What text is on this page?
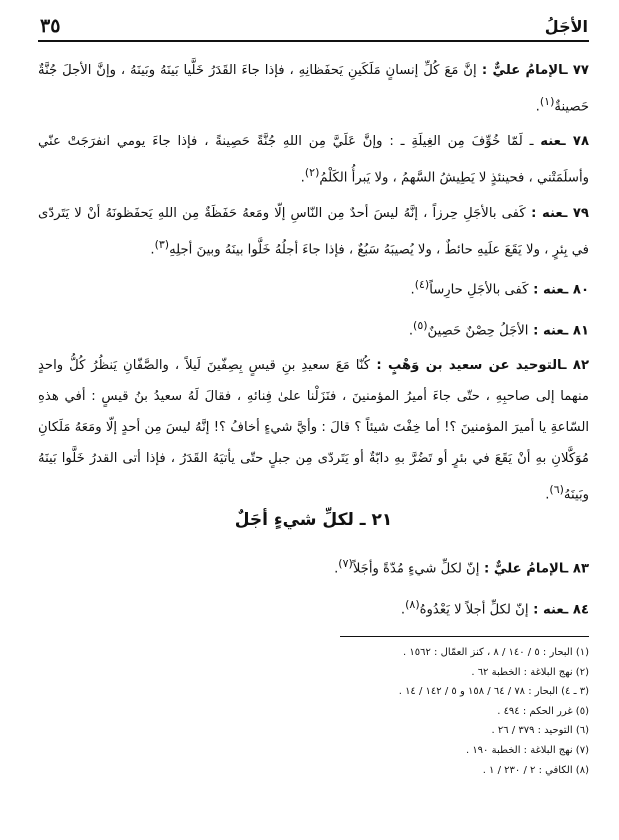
٣٥	الأجَلُ

٧٧ ـالإمامُ عليٌّ : إنَّ مَعَ كُلِّ إنسانٍ مَلَكَينِ يَحفَظانِهِ ، فإذا جاءَ القَدَرُ خَلَّيا بَينَهُ وبَينَهُ ، وإنَّ الأجلَ جُنَّةٌ حَصينةٌ$^{(١)}$.

٧٨ ـعنه ـ لَمّا خُوِّفَ مِن الغِيلَةِ ـ : وإنَّ عَلَيَّ مِن اللهِ جُنَّةً حَصِينةً ، فإذا جاءَ يومي انفرَجَتْ عنّي وأسلَمَتْني ، فحينئذٍ لا يَطِيشُ السَّهمُ ، ولا يَبرأُ الكَلْمُ$^{(٢)}$.

٧٩ ـعنه : كَفى بالأجَلِ حِرزاً ، إنَّهُ ليسَ أحدٌ مِن النّاسِ إلّا ومَعهُ حَفَظَةٌ مِن اللهِ يَحفَظونَهُ أنْ لا يَتَردّى في بِئرٍ ، ولا يَقَعَ علَيهِ حائطٌ ، ولا يُصيبَهُ سَبُعٌ ، فإذا جاءَ أجلُهُ خَلَّوا بينَهُ وبينَ أجلِهِ$^{(٣)}$.

٨٠ ـعنه : كَفى بالأجَلِ حارِساً$^{(٤)}$.

٨١ ـعنه : الأجَلُ حِصْنٌ حَصِينٌ$^{(٥)}$.

٨٢ ـالتوحيد عن سعيد بن وَهْبٍ : كُنّا مَعَ سعيدِ بنِ قيسٍ بِصِفّينَ لَيلاً ، والصَّفّانِ يَنظُرُ كُلُّ واحدٍ منهما إلى صاحبِهِ ، حتّى جاءَ أميرُ المؤمنينَ ، فنَزَلْنا علىٰ فِنائهِ ، فقالَ لَهُ سعيدُ بنُ قيسٍ : أفي هذهِ السّاعةِ يا أميرَ المؤمنينَ ؟! أما خِفْتَ شيئاً ؟ قالَ : وأيَّ شيءٍ أخافُ ؟! إنَّهُ ليسَ مِن أحدٍ إلّا ومَعَهُ مَلَكانِ مُوَكَّلانِ بهِ أنْ يَقَعَ في بئرٍ أو تَضُرَّ بهِ دابّةٌ أو يَتَردّى مِن جبلٍ حتّى يأتيَهُ القَدَرُ ، فإذا أتى القدرُ خَلَّوا بَينَهُ وبَينَهُ$^{(٦)}$.

٢١ ـ لكلِّ شيءٍ أجَلٌ
٨٣ ـالإمامُ عليٌّ : إنّ لكلِّ شيءٍ مُدّةً وأجَلاً$^{(٧)}$.
٨٤ ـعنه : إنّ لكلِّ أجلاً لا يَعْدُوهُ$^{(٨)}$.
(١) البحار : ٥ / ١٤٠ / ٨ ، كنز العمّال : ١٥٦٢ .
(٢) نهج البلاغة : الخطبة ٦٢ .
(٣ ـ ٤) البحار : ٧٨ / ٦٤ / ١٥٨ و ٥ / ١٤٢ / ١٤ .
(٥) غرر الحكم : ٤٩٤ .
(٦) التوحيد : ٣٧٩ / ٢٦ .
(٧) نهج البلاغة : الخطبة ١٩٠ .
(٨) الكافي : ٢ / ٢٣٠ / ١ .
